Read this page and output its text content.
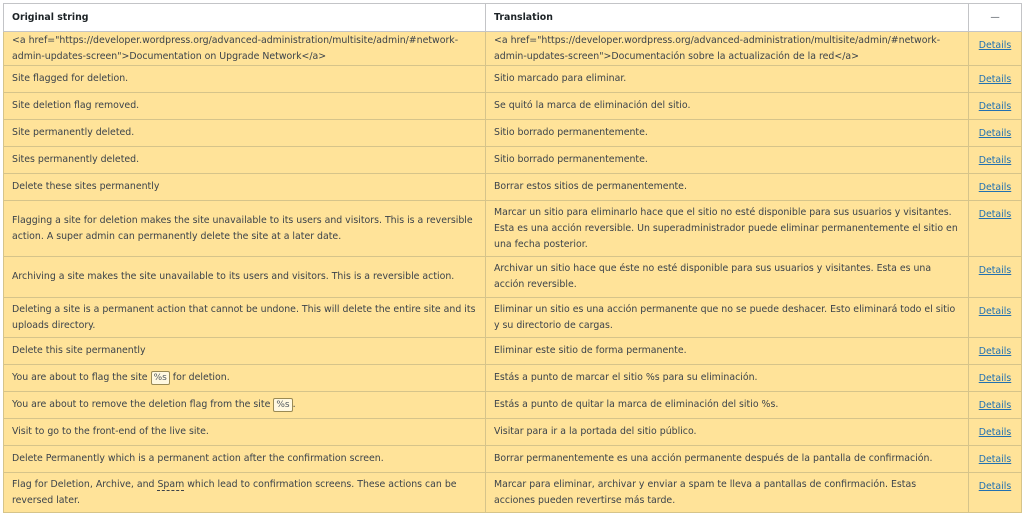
Original string	Translation	—
<a href="https://developer.wordpress.org/advanced-administration/multisite/admin/#network-admin-updates-screen">Documentation on Upgrade Network</a>	<a href="https://developer.wordpress.org/advanced-administration/multisite/admin/#network-admin-updates-screen">Documentación sobre la actualización de la red</a>	Details
Site flagged for deletion.	Sitio marcado para eliminar.	Details
Site deletion flag removed.	Se quitó la marca de eliminación del sitio.	Details
Site permanently deleted.	Sitio borrado permanentemente.	Details
Sites permanently deleted.	Sitio borrado permanentemente.	Details
Delete these sites permanently	Borrar estos sitios de permanentemente.	Details
Flagging a site for deletion makes the site unavailable to its users and visitors. This is a reversible action. A super admin can permanently delete the site at a later date.	Marcar un sitio para eliminarlo hace que el sitio no esté disponible para sus usuarios y visitantes. Esta es una acción reversible. Un superadministrador puede eliminar permanentemente el sitio en una fecha posterior.	Details
Archiving a site makes the site unavailable to its users and visitors. This is a reversible action.	Archivar un sitio hace que éste no esté disponible para sus usuarios y visitantes. Esta es una acción reversible.	Details
Deleting a site is a permanent action that cannot be undone. This will delete the entire site and its uploads directory.	Eliminar un sitio es una acción permanente que no se puede deshacer. Esto eliminará todo el sitio y su directorio de cargas.	Details
Delete this site permanently	Eliminar este sitio de forma permanente.	Details
You are about to flag the site %s for deletion.	Estás a punto de marcar el sitio %s para su eliminación.	Details
You are about to remove the deletion flag from the site %s .	Estás a punto de quitar la marca de eliminación del sitio %s.	Details
Visit to go to the front-end of the live site.	Visitar para ir a la portada del sitio público.	Details
Delete Permanently which is a permanent action after the confirmation screen.	Borrar permanentemente es una acción permanente después de la pantalla de confirmación.	Details
Flag for Deletion, Archive, and Spam which lead to confirmation screens. These actions can be reversed later.	Marcar para eliminar, archivar y enviar a spam te lleva a pantallas de confirmación. Estas acciones pueden revertirse más tarde.	Details
